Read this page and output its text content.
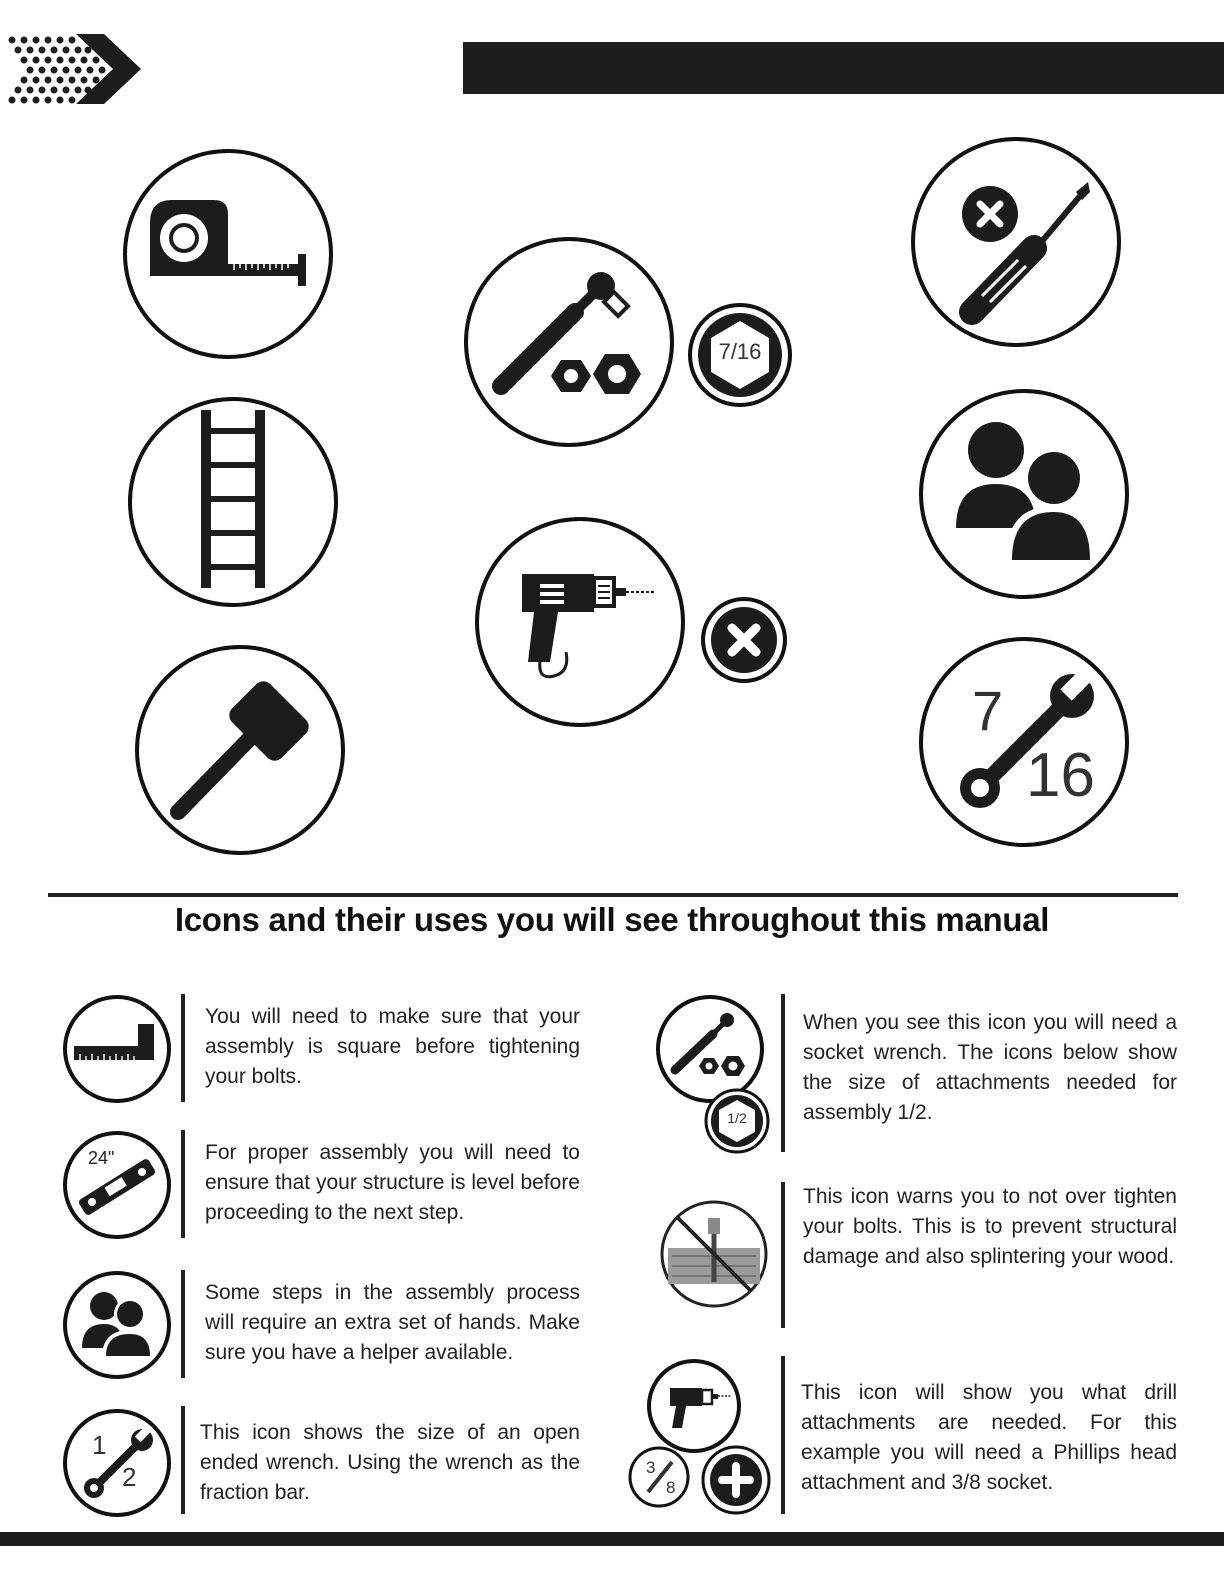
7/16
7
16
Icons and their uses you will see throughout this manual
You will need to make sure that your assembly is square before tightening your bolts.
24"	For proper assembly you will need to ensure that your structure is level before proceeding to the next step.
Some steps in the assembly process will require an extra set of hands. Make sure you have a helper available.
1
2
This icon shows the size of an open ended wrench. Using the wrench as the fraction bar.
1/2
When you see this icon you will need a socket wrench. The icons below show the size of attachments needed for assembly 1/2.
This icon warns you to not over tighten your bolts. This is to prevent structural damage and also splintering your wood.
3
8
This icon will show you what drill attachments are needed. For this example you will need a Phillips head attachment and 3/8 socket.
